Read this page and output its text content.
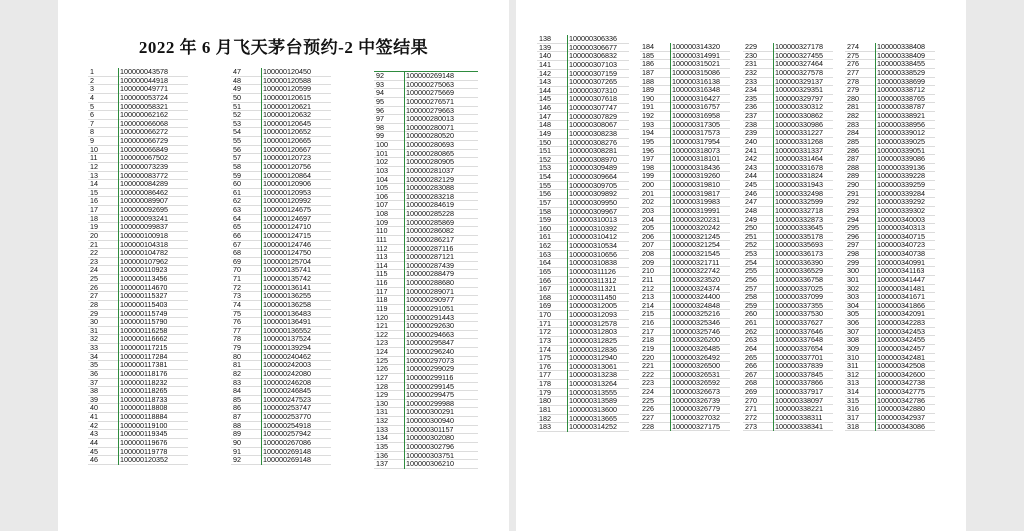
2022 年 6 月飞天茅台预约-2 中签结果
1	100000043578
2	100000044918
3	100000049771
4	100000053724
5	100000058321
6	100000062162
7	100000066068
8	100000066272
9	100000066729
10	100000066849
11	100000067502
12	100000073239
13	100000083772
14	100000084289
15	100000086462
16	100000089907
17	100000092695
18	100000093241
19	100000099837
20	100000100918
21	100000104318
22	100000104782
23	100000107962
24	100000110923
25	100000113456
26	100000114670
27	100000115327
28	100000115403
29	100000115749
30	100000115790
31	100000116258
32	100000116662
33	100000117215
34	100000117284
35	100000117381
36	100000118176
37	100000118232
38	100000118265
39	100000118733
40	100000118808
41	100000118884
42	100000119100
43	100000119345
44	100000119676
45	100000119778
46	100000120352
47	100000120450
48	100000120588
49	100000120599
50	100000120615
51	100000120621
52	100000120632
53	100000120645
54	100000120652
55	100000120665
56	100000120667
57	100000120723
58	100000120756
59	100000120864
60	100000120906
61	100000120953
62	100000120992
63	100000124675
64	100000124697
65	100000124710
66	100000124715
67	100000124746
68	100000124750
69	100000125704
70	100000135741
71	100000135742
72	100000136141
73	100000136255
74	100000136258
75	100000136483
76	100000136491
77	100000136552
78	100000137524
79	100000139294
80	100000240462
81	100000242003
82	100000242080
83	100000246208
84	100000246845
85	100000247523
86	100000253747
87	100000253770
88	100000254918
89	100000257942
90	100000267086
91	100000269148
92	100000269148
92	100000269148
93	100000275063
94	100000275669
95	100000276571
96	100000279663
97	100000280013
98	100000280071
99	100000280520
100	100000280693
101	100000280865
102	100000280905
103	100000281037
104	100000282129
105	100000283088
106	100000283218
107	100000284619
108	100000285228
109	100000285869
110	100000286082
111	100000286217
112	100000287116
113	100000287121
114	100000287439
115	100000288479
116	100000288680
117	100000289071
118	100000290977
119	100000291051
120	100000291443
121	100000292630
122	100000294663
123	100000295847
124	100000296240
125	100000297073
126	100000299029
127	100000299116
128	100000299145
129	100000299475
130	100000299988
131	100000300291
132	100000300940
133	100000301157
134	100000302080
135	100000302796
136	100000303751
137	100000306210
138	100000306336
139	100000306677
140	100000306832
141	100000307103
142	100000307159
143	100000307265
144	100000307310
145	100000307618
146	100000307747
147	100000307829
148	100000308067
149	100000308238
150	100000308276
151	100000308281
152	100000308970
153	100000309489
154	100000309664
155	100000309705
156	100000309892
157	100000309950
158	100000309967
159	100000310013
160	100000310392
161	100000310412
162	100000310534
163	100000310656
164	100000310838
165	100000311126
166	100000311312
167	100000311321
168	100000311450
169	100000312005
170	100000312093
171	100000312578
172	100000312803
173	100000312825
174	100000312836
175	100000312940
176	100000313061
177	100000313238
178	100000313264
179	100000313555
180	100000313589
181	100000313600
182	100000313665
183	100000314252
184	100000314320
185	100000314991
186	100000315021
187	100000315086
188	100000316138
189	100000316348
190	100000316427
191	100000316757
192	100000316958
193	100000317305
194	100000317573
195	100000317954
196	100000318073
197	100000318101
198	100000318436
199	100000319260
200	100000319810
201	100000319817
202	100000319983
203	100000319991
204	100000320231
205	100000320242
206	100000321245
207	100000321254
208	100000321545
209	100000321711
210	100000322742
211	100000323520
212	100000324374
213	100000324400
214	100000324848
215	100000325216
216	100000325346
217	100000325746
218	100000326200
219	100000326485
220	100000326492
221	100000326500
222	100000326531
223	100000326592
224	100000326673
225	100000326739
226	100000326779
227	100000327032
228	100000327175
229	100000327178
230	100000327455
231	100000327464
232	100000327578
233	100000329137
234	100000329351
235	100000329797
236	100000330312
237	100000330862
238	100000330986
239	100000331227
240	100000331268
241	100000331337
242	100000331464
243	100000331678
244	100000331824
245	100000331943
246	100000332498
247	100000332599
248	100000332718
249	100000332873
250	100000333645
251	100000335178
252	100000335693
253	100000336173
254	100000336390
255	100000336529
256	100000336758
257	100000337025
258	100000337099
259	100000337355
260	100000337530
261	100000337627
262	100000337646
263	100000337648
264	100000337654
265	100000337701
266	100000337839
267	100000337845
268	100000337866
269	100000337917
270	100000338097
271	100000338221
272	100000338311
273	100000338341
274	100000338408
275	100000338409
276	100000338455
277	100000338529
278	100000338699
279	100000338712
280	100000338765
281	100000338787
282	100000338921
283	100000338956
284	100000339012
285	100000339025
286	100000339051
287	100000339086
288	100000339136
289	100000339228
290	100000339259
291	100000339284
292	100000339292
293	100000339302
294	100000340003
295	100000340313
296	100000340715
297	100000340723
298	100000340738
299	100000340991
300	100000341163
301	100000341447
302	100000341481
303	100000341671
304	100000341866
305	100000342091
306	100000342283
307	100000342453
308	100000342455
309	100000342457
310	100000342481
311	100000342508
312	100000342600
313	100000342738
314	100000342775
315	100000342786
316	100000342880
317	100000342937
318	100000343086
